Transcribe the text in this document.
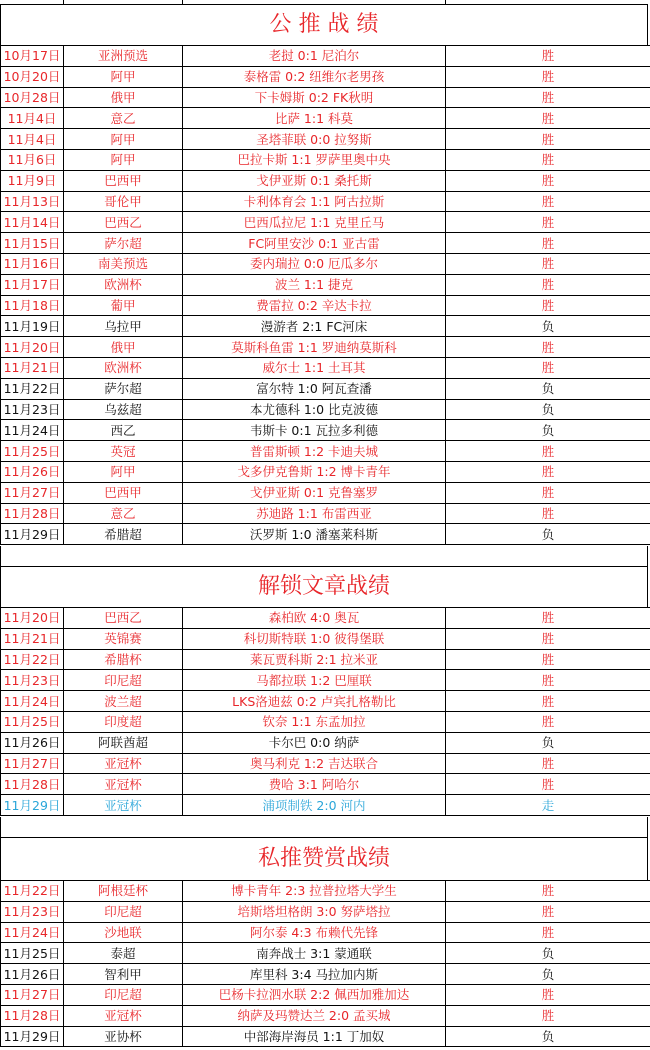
公 推 战 绩
10月17日	亚洲预选	老挝 0:1 尼泊尔	胜
10月20日	阿甲	泰格雷 0:2 纽维尔老男孩	胜
10月28日	俄甲	下卡姆斯 0:2 FK秋明	胜
11月4日	意乙	比萨 1:1 科莫	胜
11月4日	阿甲	圣塔菲联 0:0 拉努斯	胜
11月6日	阿甲	巴拉卡斯 1:1 罗萨里奥中央	胜
11月9日	巴西甲	戈伊亚斯 0:1 桑托斯	胜
11月13日	哥伦甲	卡利体育会 1:1 阿古拉斯	胜
11月14日	巴西乙	巴西瓜拉尼 1:1 克里丘马	胜
11月15日	萨尔超	FC阿里安沙 0:1 亚古雷	胜
11月16日	南美预选	委内瑞拉 0:0 厄瓜多尔	胜
11月17日	欧洲杯	波兰 1:1 捷克	胜
11月18日	葡甲	费雷拉 0:2 辛达卡拉	胜
11月19日	乌拉甲	漫游者 2:1 FC河床	负
11月20日	俄甲	莫斯科鱼雷 1:1 罗迪纳莫斯科	胜
11月21日	欧洲杯	威尔士 1:1 土耳其	胜
11月22日	萨尔超	富尔特 1:0 阿瓦查潘	负
11月23日	乌兹超	本尤德科 1:0 比克波德	负
11月24日	西乙	韦斯卡 0:1 瓦拉多利德	负
11月25日	英冠	普雷斯顿 1:2 卡迪夫城	胜
11月26日	阿甲	戈多伊克鲁斯 1:2 博卡青年	胜
11月27日	巴西甲	戈伊亚斯 0:1 克鲁塞罗	胜
11月28日	意乙	苏迪路 1:1 布雷西亚	胜
11月29日	希腊超	沃罗斯 1:0 潘塞莱科斯	负
解锁文章战绩
11月20日	巴西乙	森柏欧 4:0 奥瓦	胜
11月21日	英锦赛	科切斯特联 1:0 彼得堡联	胜
11月22日	希腊杯	莱瓦贾科斯 2:1 拉米亚	胜
11月23日	印尼超	马都拉联 1:2 巴厘联	胜
11月24日	波兰超	LKS洛迪兹 0:2 卢宾扎格勒比	胜
11月25日	印度超	钦奈 1:1 东孟加拉	胜
11月26日	阿联酋超	卡尔巴 0:0 纳萨	负
11月27日	亚冠杯	奥马利克 1:2 吉达联合	胜
11月28日	亚冠杯	费哈 3:1 阿哈尔	胜
11月29日	亚冠杯	浦项制铁 2:0 河内	走
私推赞赏战绩
11月22日	阿根廷杯	博卡青年 2:3 拉普拉塔大学生	胜
11月23日	印尼超	培斯塔坦格朗 3:0 努萨塔拉	胜
11月24日	沙地联	阿尔泰 4:3 布赖代先锋	胜
11月25日	泰超	南奔战士 3:1 蒙通联	负
11月26日	智利甲	库里科 3:4 马拉加内斯	负
11月27日	印尼超	巴杨卡拉泗水联 2:2 佩西加雅加达	胜
11月28日	亚冠杯	纳萨及玛赞达兰 2:0 孟买城	胜
11月29日	亚协杯	中部海岸海员 1:1 丁加奴	负
